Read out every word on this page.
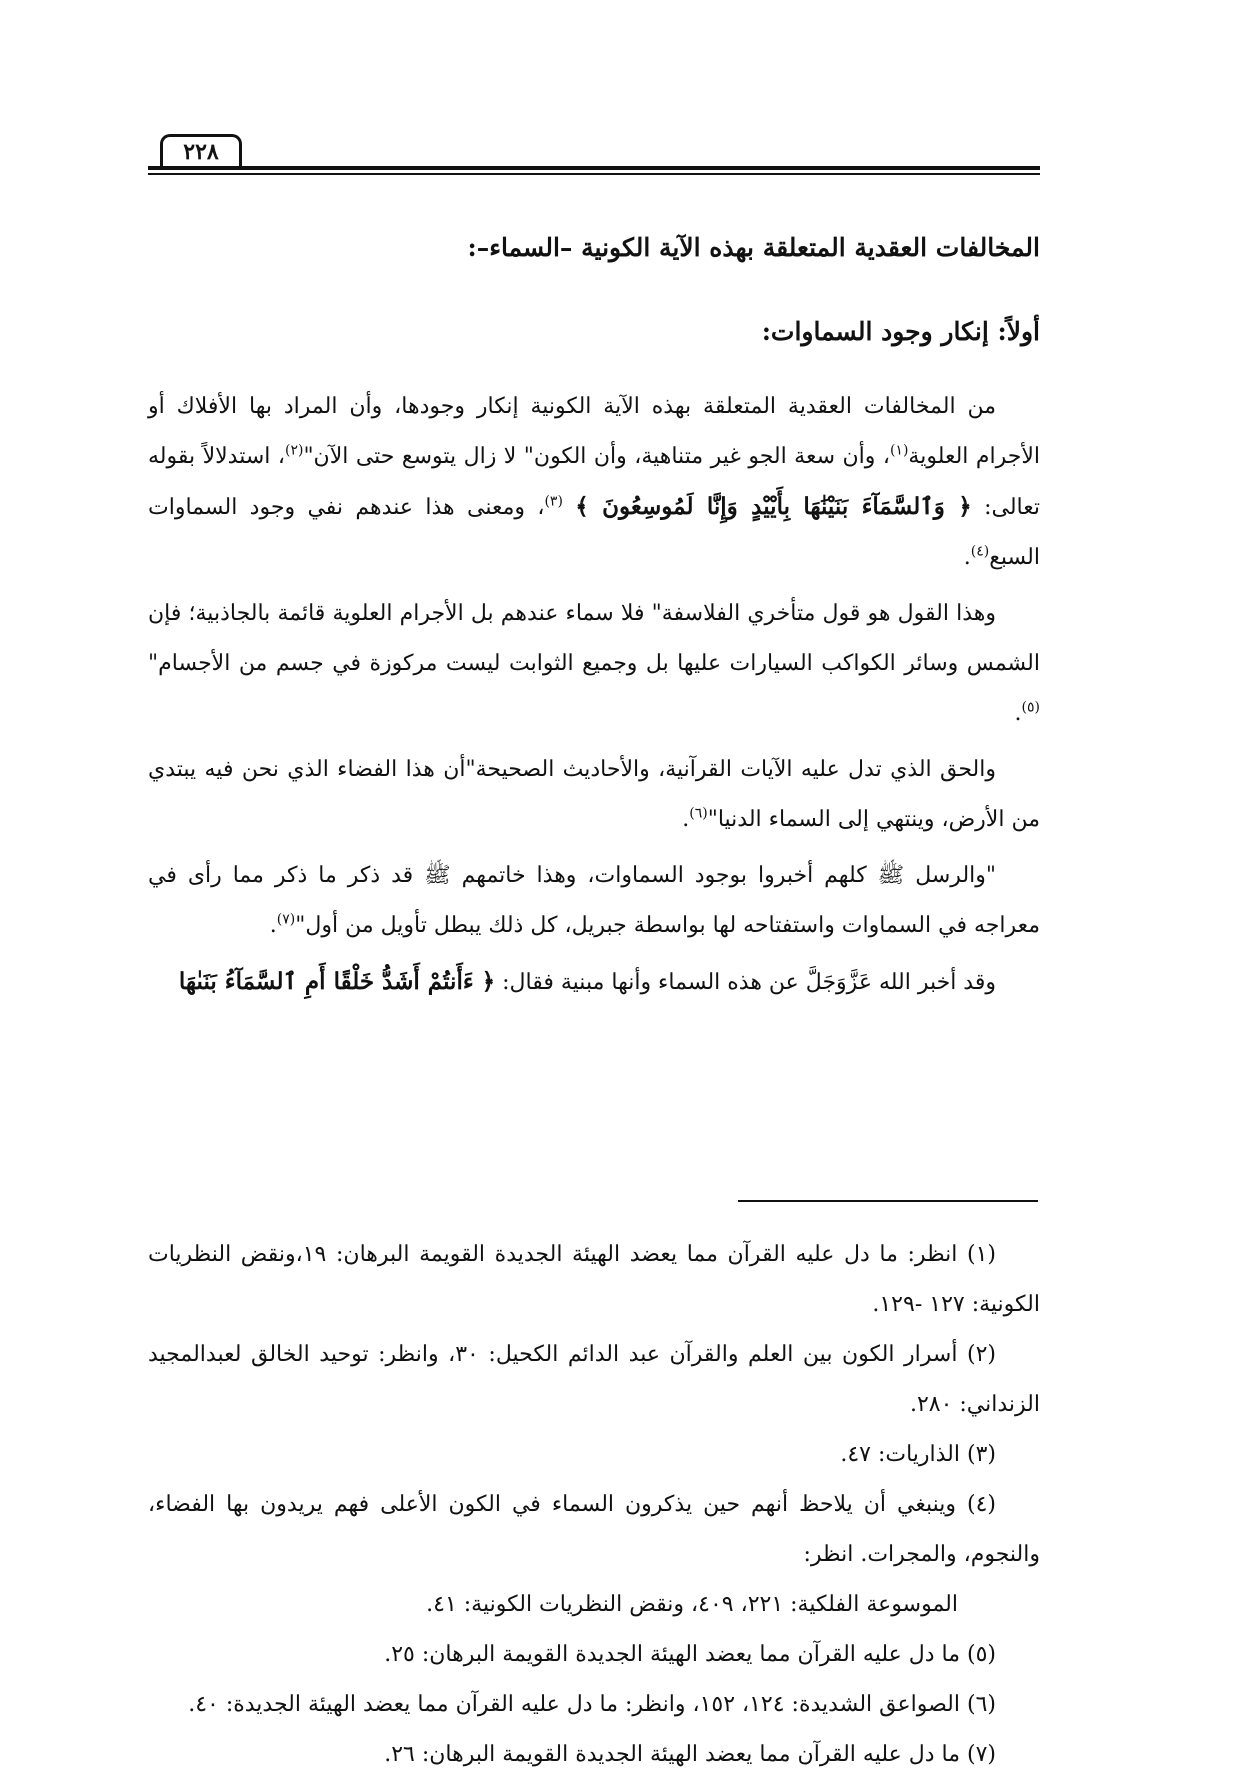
٢٢٨
المخالفات العقدية المتعلقة بهذه الآية الكونية –السماء–:
أولاً: إنكار وجود السماوات:

من المخالفات العقدية المتعلقة بهذه الآية الكونية إنكار وجودها، وأن المراد بها الأفلاك أو الأجرام العلوية$^{(١)}$، وأن سعة الجو غير متناهية، وأن الكون" لا زال يتوسع حتى الآن"$^{(٢)}$، استدلالاً بقوله تعالى: ﴿ وَٱلسَّمَآءَ بَنَيْنَٰهَا بِأَيْيْدٍ وَإِنَّا لَمُوسِعُونَ ﴾ $^{(٣)}$، ومعنى هذا عندهم نفي وجود السماوات السبع$^{(٤)}$.

وهذا القول هو قول متأخري الفلاسفة" فلا سماء عندهم بل الأجرام العلوية قائمة بالجاذبية؛ فإن الشمس وسائر الكواكب السيارات عليها بل وجميع الثوابت ليست مركوزة في جسم من الأجسام"$^{(٥)}$.

والحق الذي تدل عليه الآيات القرآنية، والأحاديث الصحيحة"أن هذا الفضاء الذي نحن فيه يبتدي من الأرض، وينتهي إلى السماء الدنيا"$^{(٦)}$.

"والرسل ﷺ كلهم أخبروا بوجود السماوات، وهذا خاتمهم ﷺ قد ذكر ما ذكر مما رأى في معراجه في السماوات واستفتاحه لها بواسطة جبريل، كل ذلك يبطل تأويل من أول"$^{(٧)}$.

وقد أخبر الله عَزَّوَجَلَّ عن هذه السماء وأنها مبنية فقال: ﴿ ءَأَنتُمْ أَشَدُّ خَلْقًا أَمِ ٱلسَّمَآءُ بَنَىٰهَا

(١) انظر: ما دل عليه القرآن مما يعضد الهيئة الجديدة القويمة البرهان: ١٩،ونقض النظريات الكونية: ١٢٧ -١٢٩.

(٢) أسرار الكون بين العلم والقرآن عبد الدائم الكحيل: ٣٠، وانظر: توحيد الخالق لعبدالمجيد الزنداني: ٢٨٠.

(٣) الذاريات: ٤٧.

(٤) وينبغي أن يلاحظ أنهم حين يذكرون السماء في الكون الأعلى فهم يريدون بها الفضاء، والنجوم، والمجرات. انظر:

الموسوعة الفلكية: ٢٢١، ٤٠٩، ونقض النظريات الكونية: ٤١.

(٥) ما دل عليه القرآن مما يعضد الهيئة الجديدة القويمة البرهان: ٢٥.

(٦) الصواعق الشديدة: ١٢٤، ١٥٢، وانظر: ما دل عليه القرآن مما يعضد الهيئة الجديدة: ٤٠.

(٧) ما دل عليه القرآن مما يعضد الهيئة الجديدة القويمة البرهان: ٢٦.
